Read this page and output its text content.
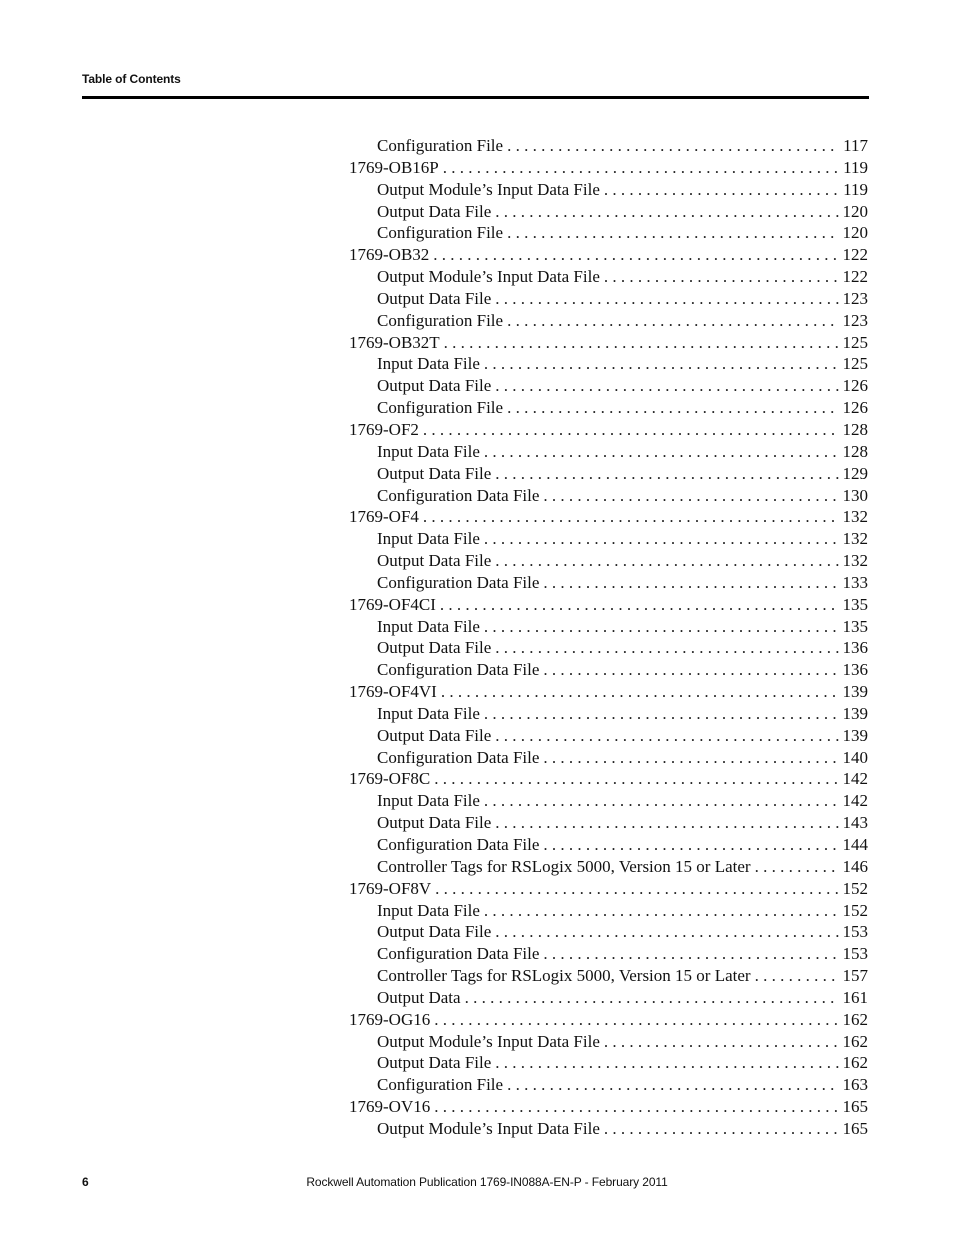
Table of Contents
Configuration File . . .	117
1769-OB16P . . .	119
Output Module’s Input Data File . . .	119
Output Data File . . .	120
Configuration File . . .	120
1769-OB32 . . .	122
Output Module’s Input Data File . . .	122
Output Data File . . .	123
Configuration File . . .	123
1769-OB32T . . .	125
Input Data File . . .	125
Output Data File . . .	126
Configuration File . . .	126
1769-OF2 . . .	128
Input Data File . . .	128
Output Data File . . .	129
Configuration Data File . . .	130
1769-OF4 . . .	132
Input Data File . . .	132
Output Data File . . .	132
Configuration Data File . . .	133
1769-OF4CI . . .	135
Input Data File . . .	135
Output Data File . . .	136
Configuration Data File . . .	136
1769-OF4VI . . .	139
Input Data File . . .	139
Output Data File . . .	139
Configuration Data File . . .	140
1769-OF8C . . .	142
Input Data File . . .	142
Output Data File . . .	143
Configuration Data File . . .	144
Controller Tags for RSLogix 5000, Version 15 or Later . . .	146
1769-OF8V . . .	152
Input Data File . . .	152
Output Data File . . .	153
Configuration Data File . . .	153
Controller Tags for RSLogix 5000, Version 15 or Later . . .	157
Output Data . . .	161
1769-OG16 . . .	162
Output Module’s Input Data File . . .	162
Output Data File . . .	162
Configuration File . . .	163
1769-OV16 . . .	165
Output Module’s Input Data File . . .	165
6	Rockwell Automation Publication 1769-IN088A-EN-P - February 2011
